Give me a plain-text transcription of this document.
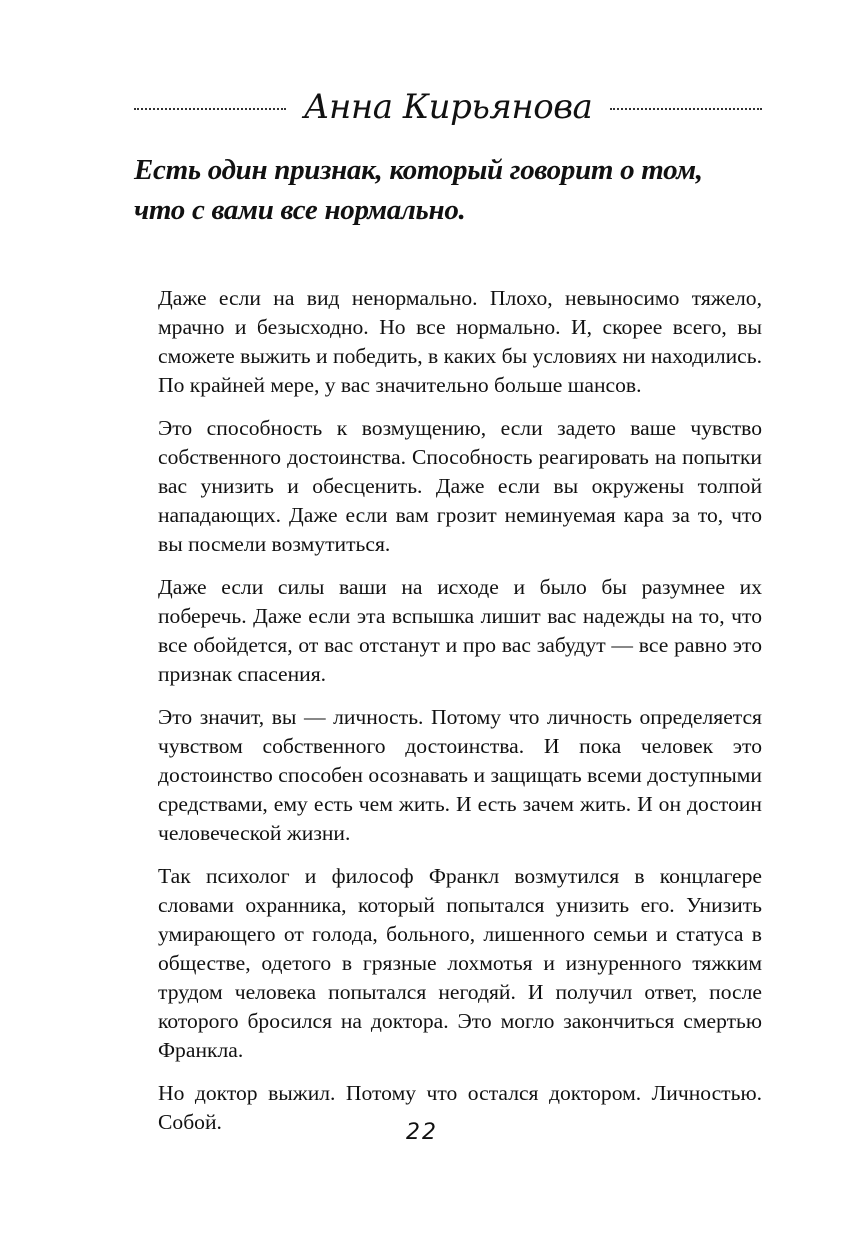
Анна Кирьянова
Есть один признак, который говорит о том,
что с вами все нормально.

Даже если на вид ненормально. Плохо, невыносимо тяжело, мрачно и безысходно. Но все нормально. И, скорее всего, вы сможете выжить и победить, в каких бы условиях ни находились. По крайней мере, у вас значительно больше шансов.

Это способность к возмущению, если задето ваше чувство собственного достоинства. Способность реагировать на попытки вас унизить и обесценить. Даже если вы окружены толпой нападающих. Даже если вам грозит неминуемая кара за то, что вы посмели возмутиться.

Даже если силы ваши на исходе и было бы разумнее их поберечь. Даже если эта вспышка лишит вас надежды на то, что все обойдется, от вас отстанут и про вас забудут — все равно это признак спасения.

Это значит, вы — личность. Потому что личность определяется чувством собственного достоинства. И пока человек это достоинство способен осознавать и защищать всеми доступными средствами, ему есть чем жить. И есть зачем жить. И он достоин человеческой жизни.

Так психолог и философ Франкл возмутился в концлагере словами охранника, который попытался унизить его. Унизить умирающего от голода, больного, лишенного семьи и статуса в обществе, одетого в грязные лохмотья и изнуренного тяжким трудом человека попытался негодяй. И получил ответ, после которого бросился на доктора. Это могло закончиться смертью Франкла.

Но доктор выжил. Потому что остался доктором. Личностью. Собой.	22
